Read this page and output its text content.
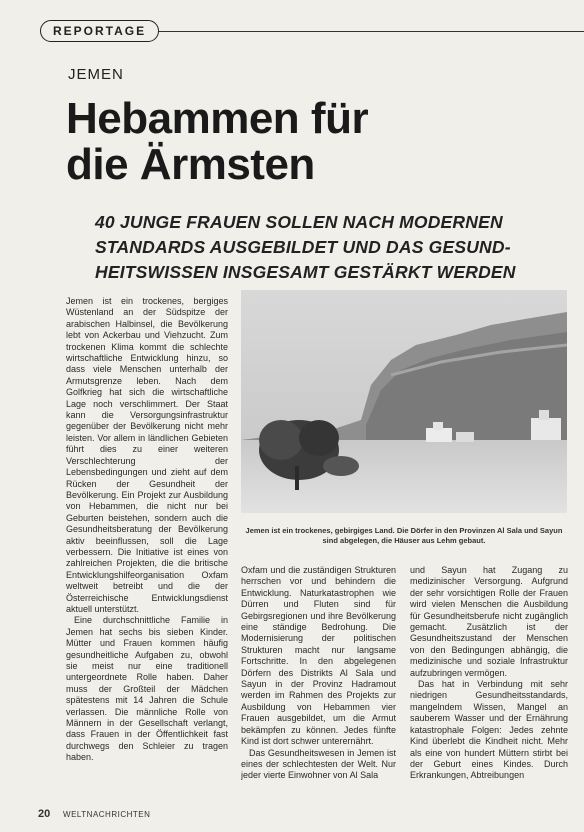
REPORTAGE
JEMEN
Hebammen für
die Ärmsten
40 JUNGE FRAUEN SOLLEN NACH MODERNEN
STANDARDS AUSGEBILDET UND DAS GESUND-
HEITSWISSEN INSGESAMT GESTÄRKT WERDEN

Jemen ist ein trockenes, bergiges Wüstenland an der Südspitze der arabischen Halbinsel, die Bevölkerung lebt von Ackerbau und Viehzucht. Zum trockenen Klima kommt die schlechte wirtschaftliche Entwicklung hinzu, so dass viele Menschen unterhalb der Armutsgrenze leben. Nach dem Golfkrieg hat sich die wirtschaftliche Lage noch verschlimmert. Der Staat kann die Versorgungsinfrastruktur gegenüber der Bevölkerung nicht mehr leisten. Vor allem in ländlichen Gebieten führt dies zu einer weiteren Verschlechterung der Lebensbedingungen und zieht auf dem Rücken der Gesundheit der Bevölkerung. Ein Projekt zur Ausbildung von Hebammen, die nicht nur bei Geburten beistehen, sondern auch die Gesundheitsberatung der Bevölkerung aktiv beeinflussen, soll die Lage verbessern. Die Initiative ist eines von zahlreichen Projekten, die die britische Entwicklungshilfeorganisation Oxfam weltweit betreibt und die der Österreichische Entwicklungsdienst aktuell unterstützt.

Eine durchschnittliche Familie in Jemen hat sechs bis sieben Kinder. Mütter und Frauen kommen häufig gesundheitliche Aufgaben zu, obwohl sie meist nur eine traditionell untergeordnete Rolle haben. Daher muss der Großteil der Mädchen spätestens mit 14 Jahren die Schule verlassen. Die männliche Rolle von Männern in der Gesellschaft verlangt, dass Frauen in der Öffentlichkeit fast durchwegs den Schleier zu tragen haben.

Jemen ist ein trockenes, gebirgiges Land. Die Dörfer in den Provinzen Al Sala und Sayun
sind abgelegen, die Häuser aus Lehm gebaut.

Oxfam und die zuständigen Strukturen herrschen vor und behindern die Entwicklung. Naturkatastrophen wie Dürren und Fluten sind für Gebirgsregionen und ihre Bevölkerung eine ständige Bedrohung. Die Modernisierung der politischen Strukturen macht nur langsame Fortschritte. In den abgelegenen Dörfern des Distrikts Al Sala und Sayun in der Provinz Hadramout werden im Rahmen des Projekts zur Ausbildung von Hebammen vier Frauen ausgebildet, um die Armut bekämpfen zu können. Jedes fünfte Kind ist dort schwer unterernährt.

Das Gesundheitswesen in Jemen ist eines der schlechtesten der Welt. Nur jeder vierte Einwohner von Al Sala

und Sayun hat Zugang zu medizinischer Versorgung. Aufgrund der sehr vorsichtigen Rolle der Frauen wird vielen Menschen die Ausbildung für Gesundheitsberufe nicht zugänglich gemacht. Zusätzlich ist der Gesundheitszustand der Menschen von den Bedingungen abhängig, die medizinische und soziale Infrastruktur aufzubringen vermögen.

Das hat in Verbindung mit sehr niedrigen Gesundheitsstandards, mangelndem Wissen, Mangel an sauberem Wasser und der Ernährung katastrophale Folgen: Jedes zehnte Kind überlebt die Kindheit nicht. Mehr als eine von hundert Müttern stirbt bei der Geburt eines Kindes. Durch Erkrankungen, Abtreibungen

20 WELTNACHRICHTEN
